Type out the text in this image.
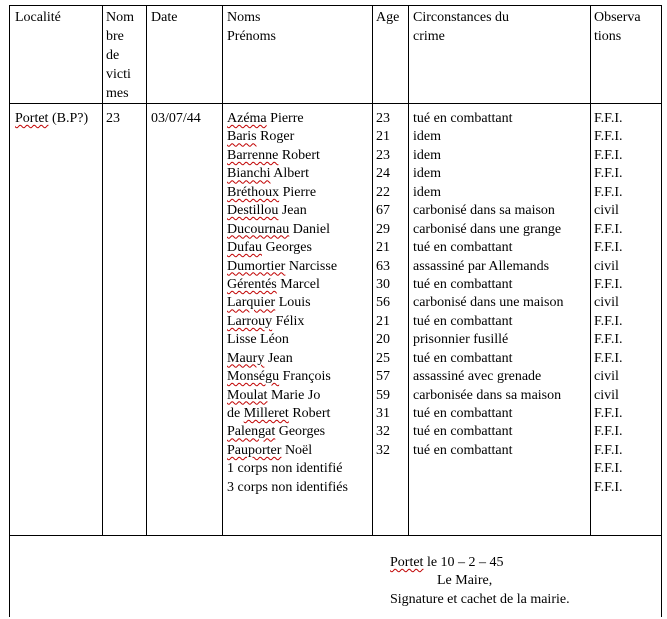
Localité	Nom
bre
de
victi
mes
Date	Noms
Prénoms
Age Circonstances du
crime
Observa
tions
Portet (B.P?) 23 03/07/44 Azéma Pierre
Baris Roger
Barrenne Robert
Bianchi Albert
Bréthoux Pierre
Destillou Jean
Ducournau Daniel
Dufau Georges
Dumortier Narcisse
Gérentés Marcel
Larquier Louis
Larrouy Félix
Lisse Léon
Maury Jean
Monségu François
Moulat Marie Jo
de Milleret Robert
Palengat Georges
Pauporter Noël
1 corps non identifié
3 corps non identifiés
23
21
23
24
22
67
29
21
63
30
56
21
20
25
57
59
31
32
32
tué en combattant
idem
idem
idem
idem
carbonisé dans sa maison
carbonisé dans une grange
tué en combattant
assassiné par Allemands
tué en combattant
carbonisé dans une maison
tué en combattant
prisonnier fusillé
tué en combattant
assassiné avec grenade
carbonisée dans sa maison
tué en combattant
tué en combattant
tué en combattant
F.F.I.
F.F.I.
F.F.I.
F.F.I.
F.F.I.
civil
F.F.I.
F.F.I.
civil
F.F.I.
civil
F.F.I.
F.F.I.
F.F.I.
civil
civil
F.F.I.
F.F.I.
F.F.I.
F.F.I.
F.F.I.
Portet le 10 – 2 – 45
Le Maire,
Signature et cachet de la mairie.
